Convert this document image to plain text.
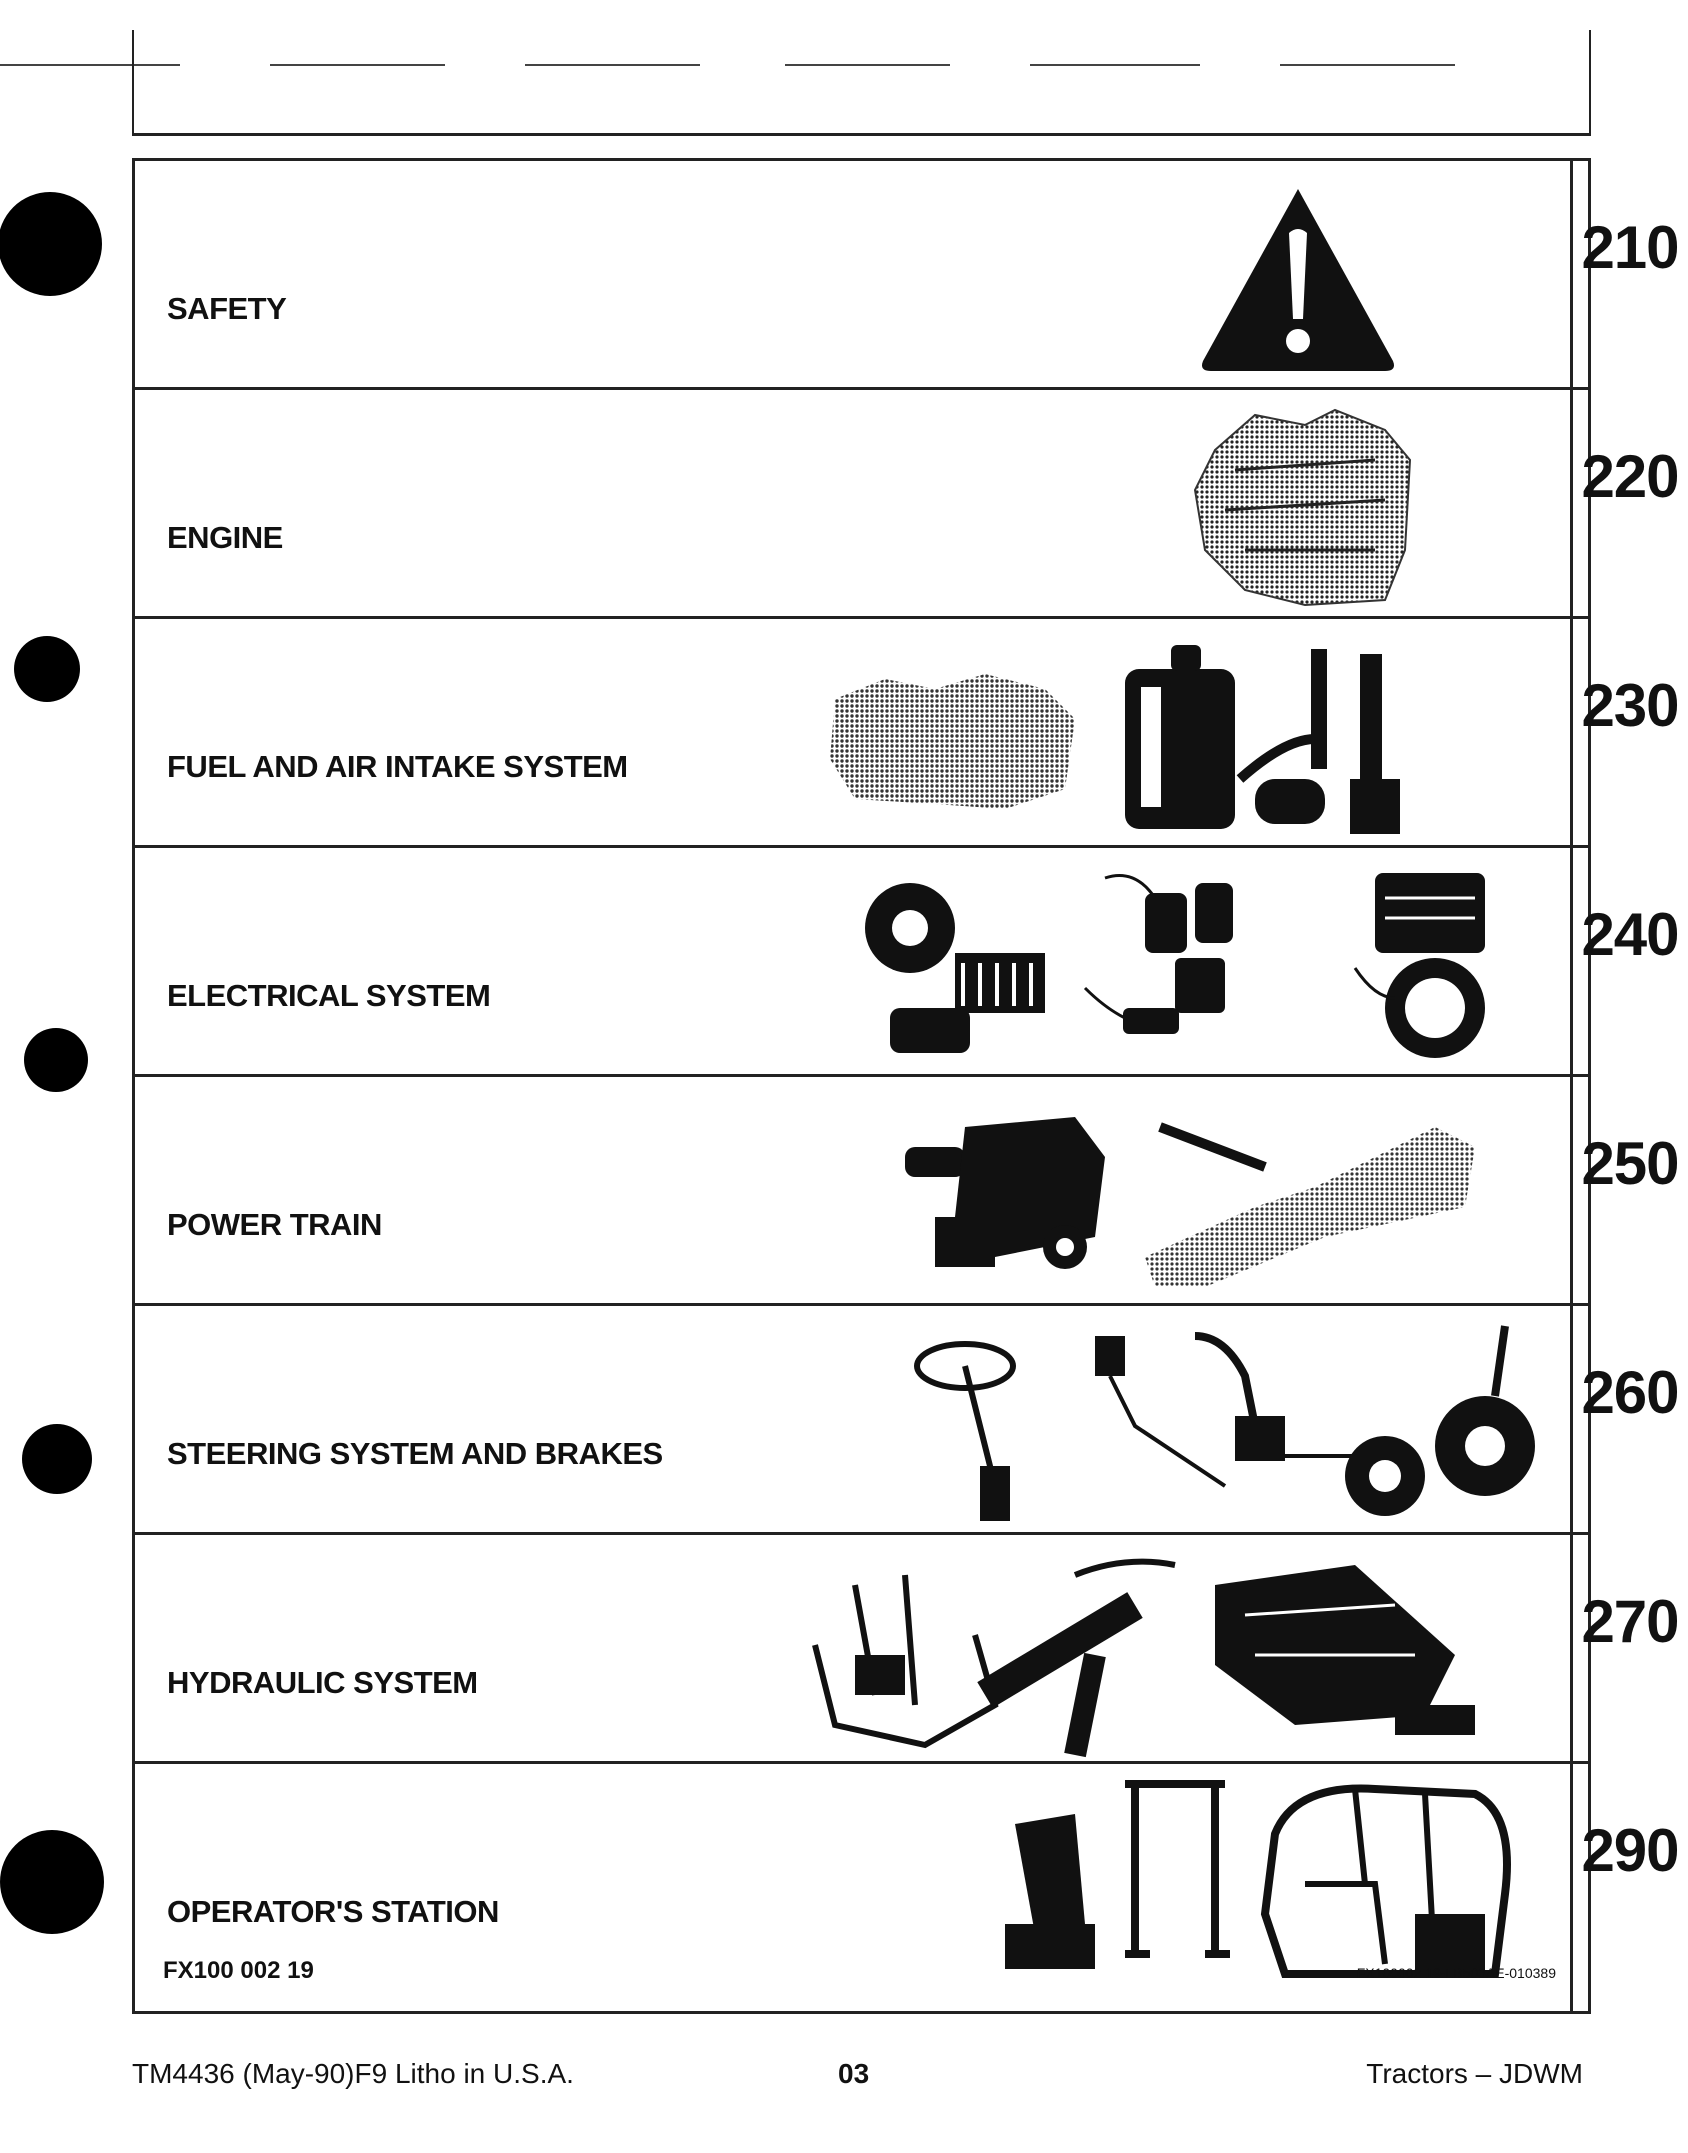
SAFETY
210
ENGINE
220
FUEL AND AIR INTAKE SYSTEM
230
ELECTRICAL SYSTEM
240
POWER TRAIN
250
STEERING SYSTEM AND BRAKES
260
HYDRAULIC SYSTEM
270
OPERATOR'S STATION
290
FX100 002 19	FX100002 19-LB503AE-010389
TM4436 (May-90)F9 Litho in U.S.A.	03	Tractors – JDWM
